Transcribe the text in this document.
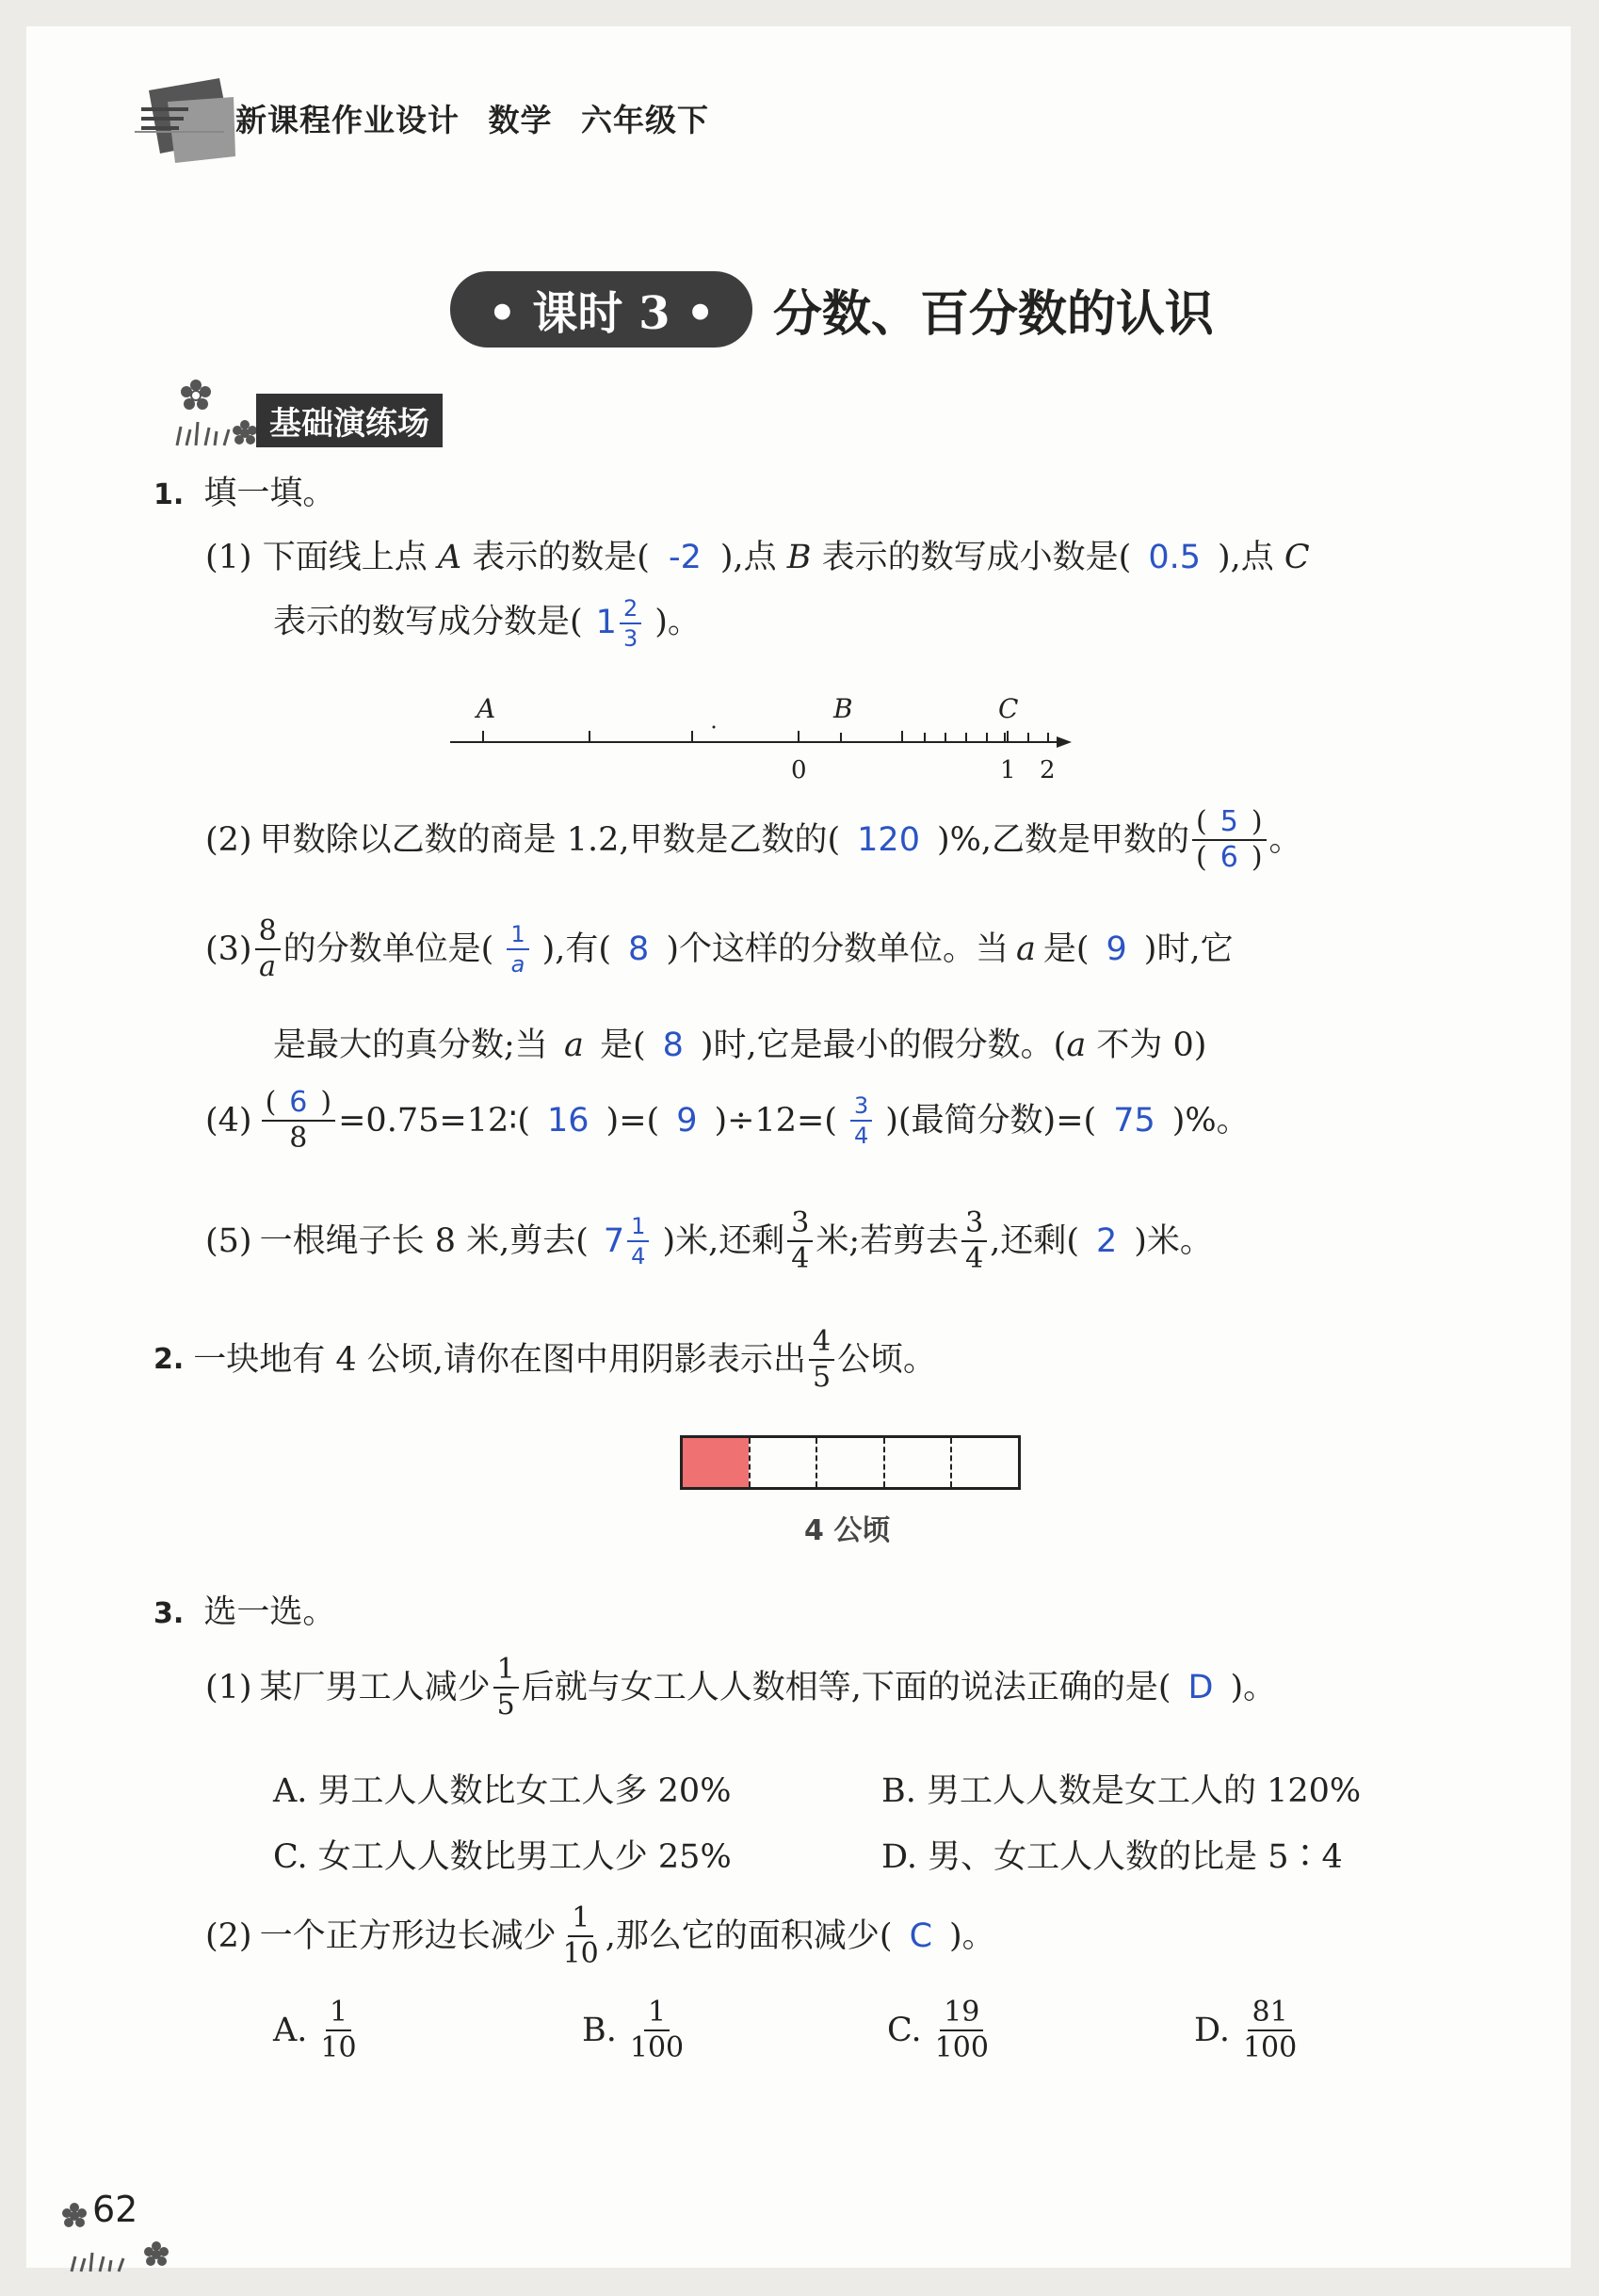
新课程作业设计 数学 六年级下
• 课时 3 •	分数、百分数的认识
基础演练场
1. 填一填。
(1) 下面线上点 A 表示的数是( -2 ),点 B 表示的数写成小数是( 0.5 ),点 C
表示的数写成分数是( $1 \frac{2}{3}$ )。
A	B	C
0	1 2
(2) 甲数除以乙数的商是 1.2,甲数是乙数的( 120 )%,乙数是甲数的 $\frac{( 5 )}{( 6 )}$ 。
$(3) \frac{8}{a}$ 的分数单位是( $\frac{1}{a}$ ),有( 8 )个这样的分数单位。当 a 是( 9 )时,它
是最大的真分数;当 a 是( 8 )时,它是最小的假分数。(a 不为 0)
$(4) \frac{( 6 )}{8}$ =0.75=12∶( 16 )=( 9 )$\div 12=( \frac{3}{4}$ )(最简分数)=( 75 )%。
(5) 一根绳子长 8 米,剪去( $7 \frac{1}{4}$ )米,还剩 $\frac{3}{4}$ 米;若剪去 $\frac{3}{4}$ ,还剩( 2 )米。
2. 一块地有 4 公顷,请你在图中用阴影表示出 $\frac{4}{5}$ 公顷。
4 公顷
3. 选一选。
(1) 某厂男工人减少 $\frac{1}{5}$ 后就与女工人人数相等,下面的说法正确的是( D )。
A. 男工人人数比女工人多 20%	B. 男工人人数是女工人的 120%
C. 女工人人数比男工人少 25%	D. 男、女工人人数的比是 5∶4
(2) 一个正方形边长减少 $\frac{1}{10}$ ,那么它的面积减少( C )。
A. $\frac{1}{10}$	B. $\frac{1}{100}$	C. $\frac{19}{100}$	D. $\frac{81}{100}$
62
